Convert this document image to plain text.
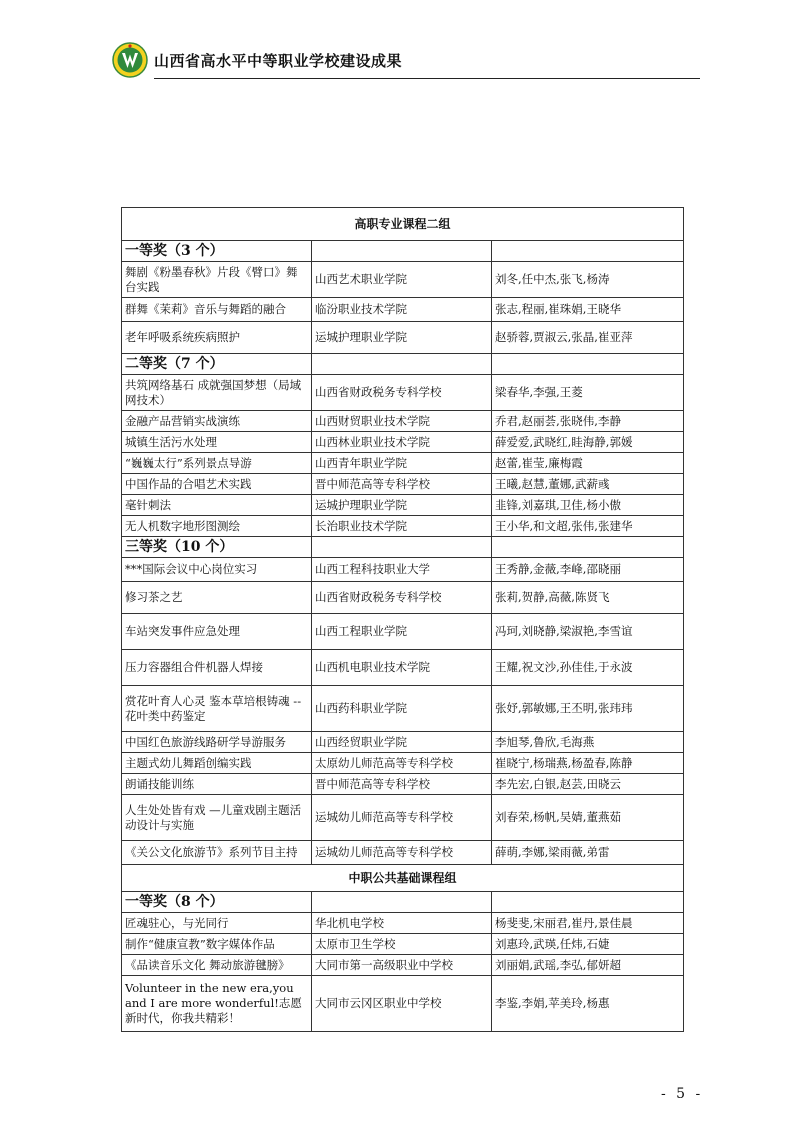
山西省高水平中等职业学校建设成果
高职专业课程二组		
一等奖（3 个）		
舞剧《粉墨春秋》片段《臂口》舞台实践	山西艺术职业学院	刘冬,任中杰,张飞,杨涛
群舞《茉莉》音乐与舞蹈的融合	临汾职业技术学院	张志,程丽,崔珠娟,王晓华
老年呼吸系统疾病照护	运城护理职业学院	赵骄蓉,贾淑云,张晶,崔亚萍
二等奖（7 个）		
共筑网络基石 成就强国梦想（局域网技术）	山西省财政税务专科学校	梁春华,李强,王菱
金融产品营销实战演练	山西财贸职业技术学院	乔君,赵丽荟,张晓伟,李静
城镇生活污水处理	山西林业职业技术学院	薛爱爱,武晓红,眭海静,郭媛
“巍巍太行”系列景点导游	山西青年职业学院	赵蕾,崔莹,廉梅霞
中国作品的合唱艺术实践	晋中师范高等专科学校	王曦,赵慧,董娜,武薪彧
毫针刺法	运城护理职业学院	韭锋,刘嘉琪,卫佳,杨小傲
无人机数字地形图测绘	长治职业技术学院	王小华,和文超,张伟,张建华
三等奖（10 个）		
***国际会议中心岗位实习	山西工程科技职业大学	王秀静,金薇,李峰,邵晓丽
修习茶之艺	山西省财政税务专科学校	张莉,贺静,高薇,陈贤飞
车站突发事件应急处理	山西工程职业学院	冯珂,刘晓静,梁淑艳,李雪谊
压力容器组合件机器人焊接	山西机电职业技术学院	王耀,祝文沙,孙佳佳,于永波
赏花叶育人心灵 鉴本草培根铸魂 --花叶类中药鉴定	山西药科职业学院	张妤,郭敏娜,王丕明,张玮玮
中国红色旅游线路研学导游服务	山西经贸职业学院	李旭琴,鲁欣,毛海燕
主题式幼儿舞蹈创编实践	太原幼儿师范高等专科学校	崔晓宁,杨瑞燕,杨盈春,陈静
朗诵技能训练	晋中师范高等专科学校	李先宏,白银,赵芸,田晓云
人生处处皆有戏 —儿童戏剧主题活动设计与实施	运城幼儿师范高等专科学校	刘春荣,杨帆,吴婧,董燕茹
《关公文化旅游节》系列节目主持	运城幼儿师范高等专科学校	薛萌,李娜,梁雨薇,弟雷
中职公共基础课程组		
一等奖（8 个）		
匠魂驻心，与光同行	华北机电学校	杨斐斐,宋丽君,崔丹,景佳晨
制作“健康宣教”数字媒体作品	太原市卫生学校	刘惠玲,武瑛,任炜,石婕
《品读音乐文化 舞动旅游毽膀》	大同市第一高级职业中学校	刘丽娟,武瑶,李弘,郁妍超
Volunteer in the new era,you and I are more wonderful!志愿新时代，你我共精彩！	大同市云冈区职业中学校	李鉴,李娟,苹美玲,杨惠
- 5 -
